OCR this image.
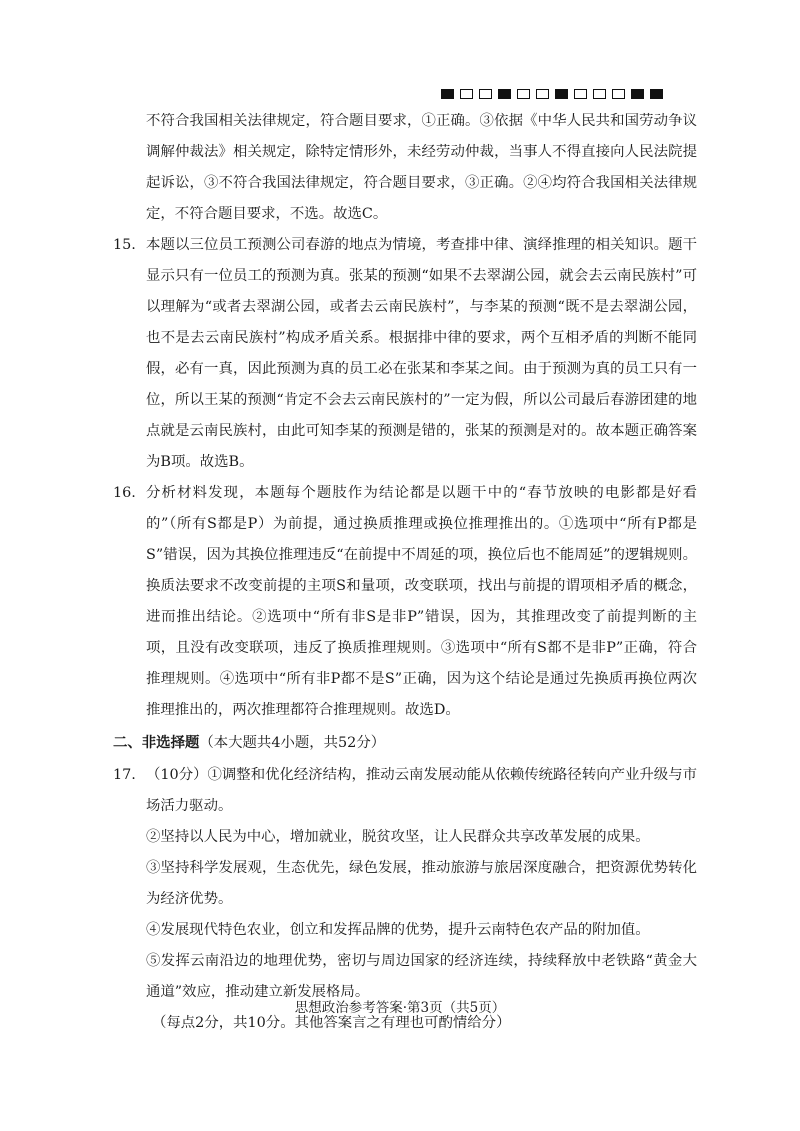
不符合我国相关法律规定，符合题目要求，①正确。③依据《中华人民共和国劳动争议调解仲裁法》相关规定，除特定情形外，未经劳动仲裁，当事人不得直接向人民法院提起诉讼，③不符合我国法律规定，符合题目要求，③正确。②④均符合我国相关法律规定，不符合题目要求，不选。故选C。

15. 本题以三位员工预测公司春游的地点为情境，考查排中律、演绎推理的相关知识。题干显示只有一位员工的预测为真。张某的预测“如果不去翠湖公园，就会去云南民族村”可以理解为“或者去翠湖公园，或者去云南民族村”，与李某的预测“既不是去翠湖公园，也不是去云南民族村”构成矛盾关系。根据排中律的要求，两个互相矛盾的判断不能同假，必有一真，因此预测为真的员工必在张某和李某之间。由于预测为真的员工只有一位，所以王某的预测“肯定不会去云南民族村的”一定为假，所以公司最后春游团建的地点就是云南民族村，由此可知李某的预测是错的，张某的预测是对的。故本题正确答案为B项。故选B。

16. 分析材料发现，本题每个题肢作为结论都是以题干中的“春节放映的电影都是好看的”（所有S都是P）为前提，通过换质推理或换位推理推出的。①选项中“所有P都是S”错误，因为其换位推理违反“在前提中不周延的项，换位后也不能周延”的逻辑规则。换质法要求不改变前提的主项S和量项，改变联项，找出与前提的谓项相矛盾的概念，进而推出结论。②选项中“所有非S是非P”错误，因为，其推理改变了前提判断的主项，且没有改变联项，违反了换质推理规则。③选项中“所有S都不是非P”正确，符合推理规则。④选项中“所有非P都不是S”正确，因为这个结论是通过先换质再换位两次推理推出的，两次推理都符合推理规则。故选D。

二、非选择题（本大题共4小题，共52分）

17. （10分）①调整和优化经济结构，推动云南发展动能从依赖传统路径转向产业升级与市场活力驱动。

②坚持以人民为中心，增加就业，脱贫攻坚，让人民群众共享改革发展的成果。

③坚持科学发展观，生态优先，绿色发展，推动旅游与旅居深度融合，把资源优势转化为经济优势。

④发展现代特色农业，创立和发挥品牌的优势，提升云南特色农产品的附加值。

⑤发挥云南沿边的地理优势，密切与周边国家的经济连续，持续释放中老铁路“黄金大通道”效应，推动建立新发展格局。

（每点2分，共10分。其他答案言之有理也可酌情给分）

思想政治参考答案·第3页（共5页）
